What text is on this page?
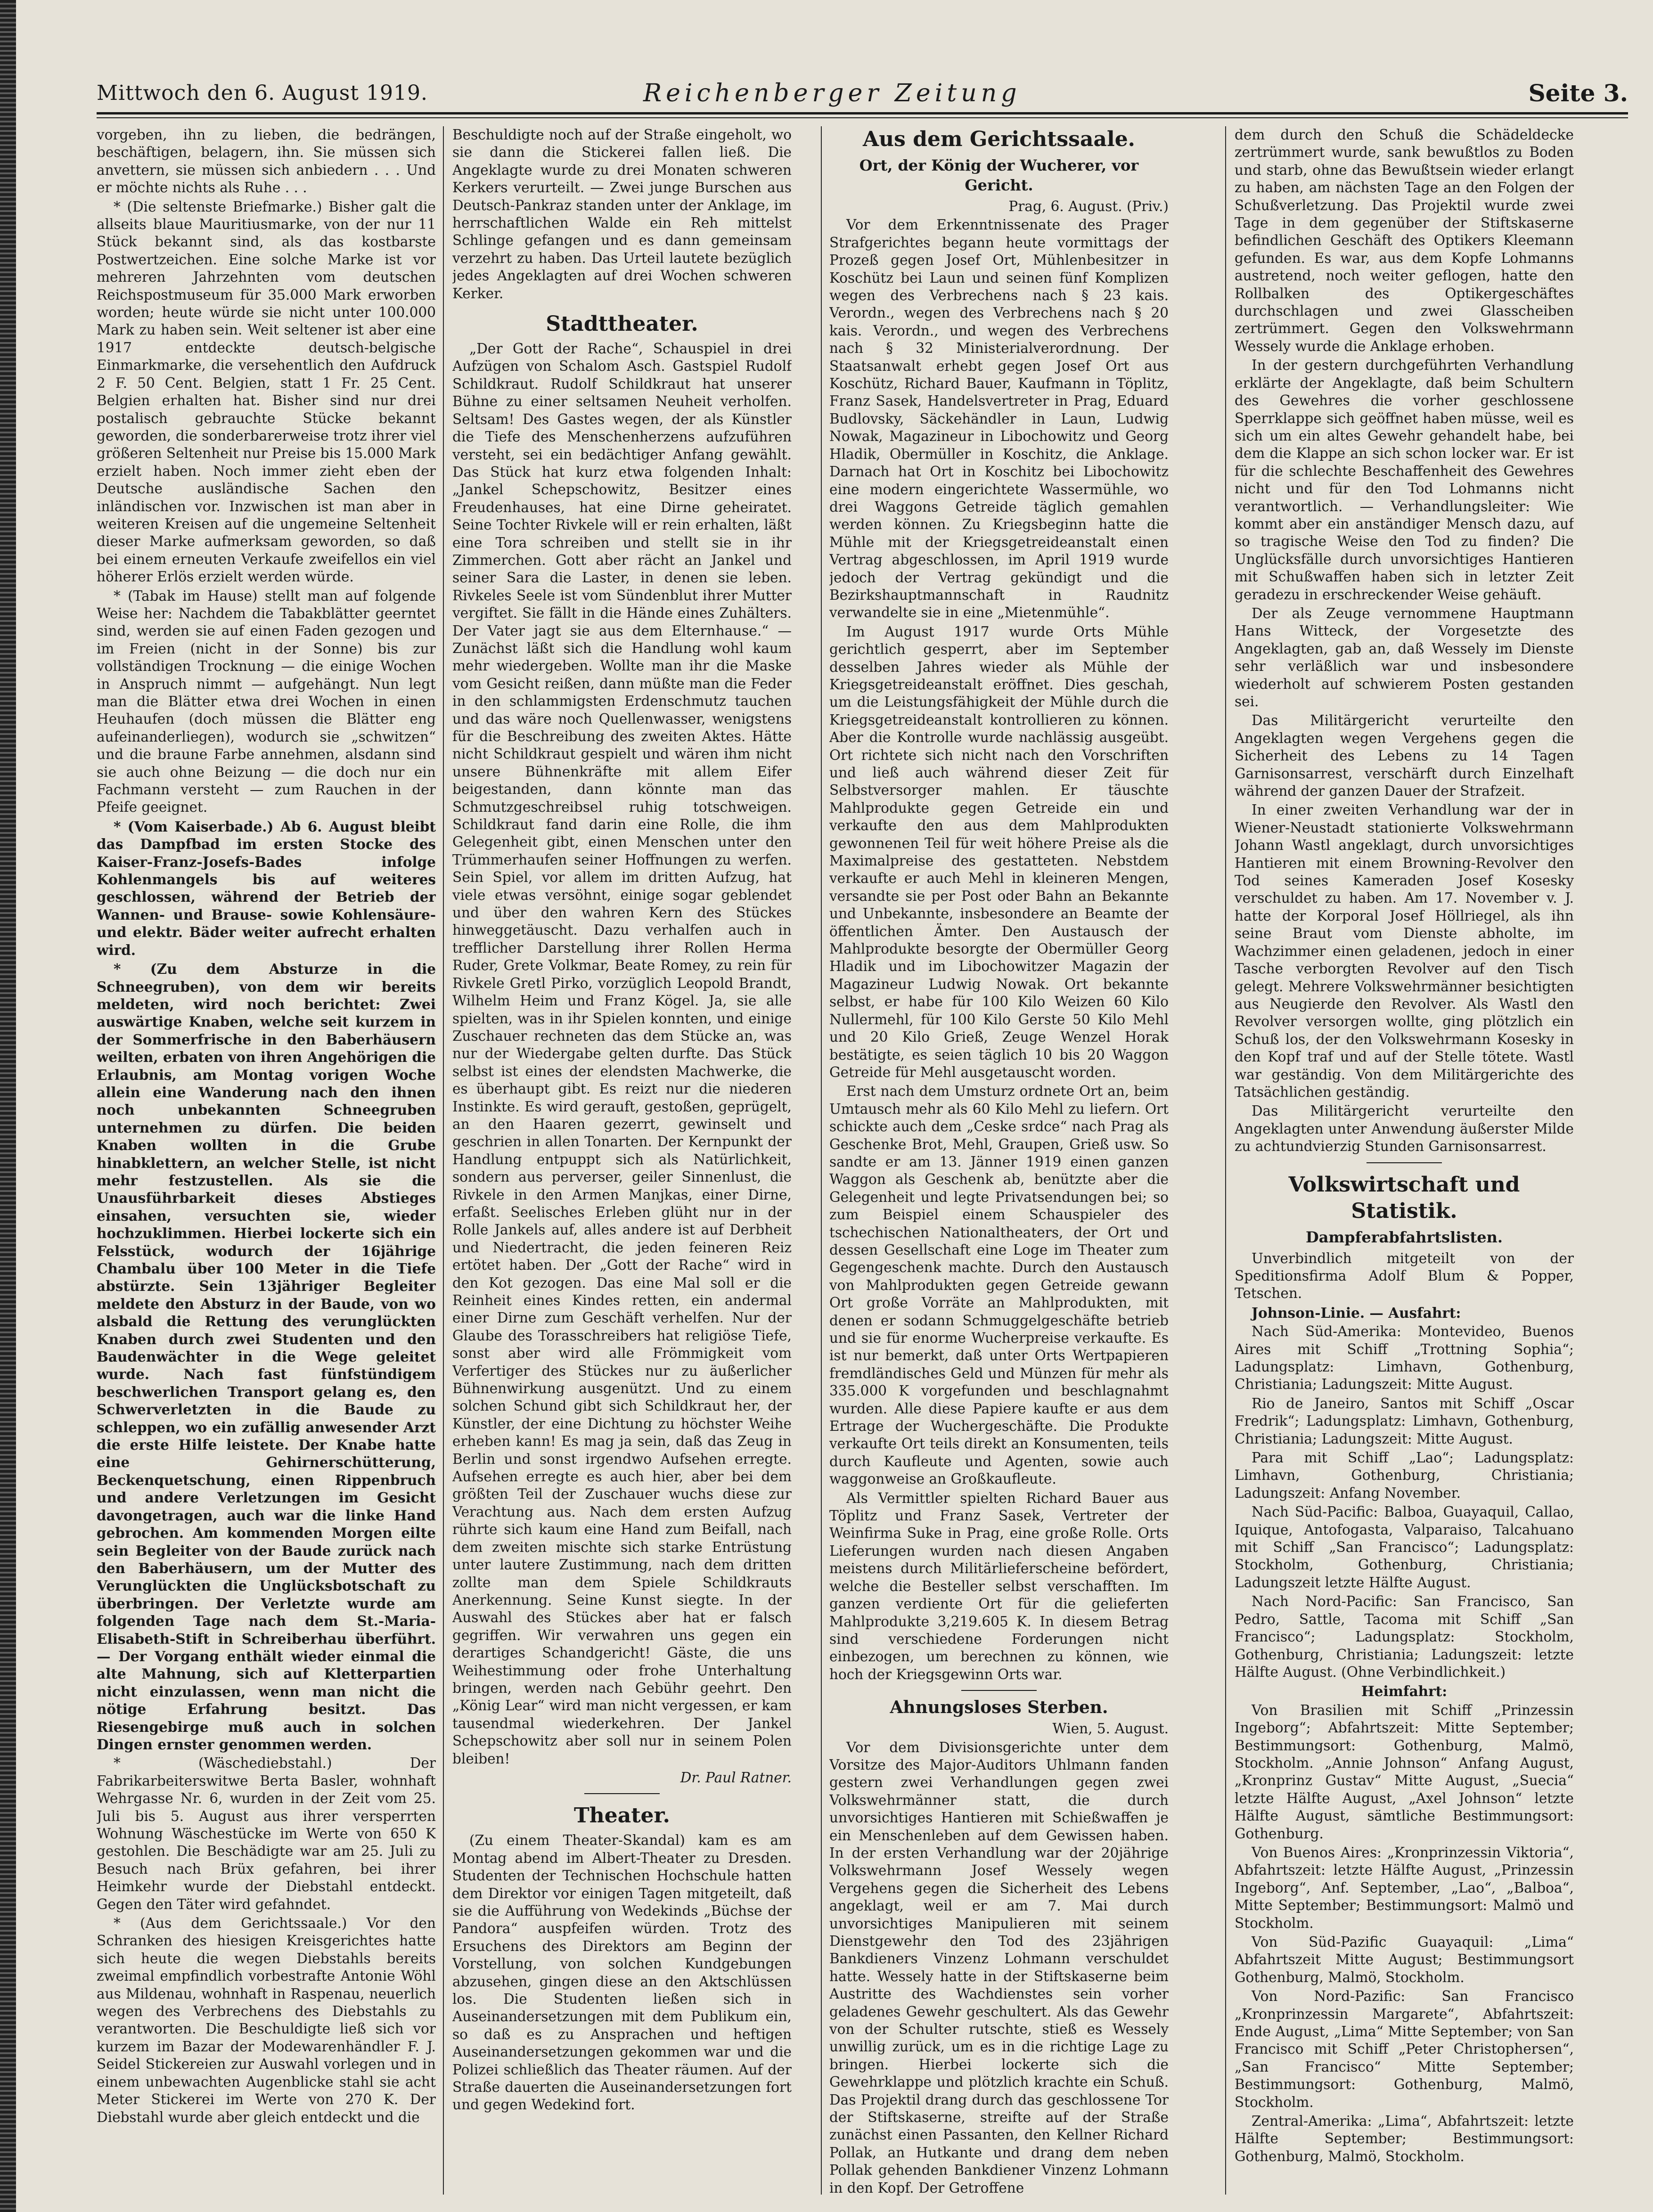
Mittwoch den 6. August 1919.	Reichenberger Zeitung	Seite 3.

vorgeben, ihn zu lieben, die bedrängen, beschäftigen, belagern, ihn. Sie müssen sich anvettern, sie müssen sich anbiedern . . . Und er möchte nichts als Ruhe . . .

* (Die seltenste Briefmarke.) Bisher galt die allseits blaue Mauritiusmarke, von der nur 11 Stück bekannt sind, als das kostbarste Postwertzeichen. Eine solche Marke ist vor mehreren Jahrzehnten vom deutschen Reichspostmuseum für 35.000 Mark erworben worden; heute würde sie nicht unter 100.000 Mark zu haben sein. Weit seltener ist aber eine 1917 entdeckte deutsch-belgische Einmarkmarke, die versehentlich den Aufdruck 2 F. 50 Cent. Belgien, statt 1 Fr. 25 Cent. Belgien erhalten hat. Bisher sind nur drei postalisch gebrauchte Stücke bekannt geworden, die sonderbarerweise trotz ihrer viel größeren Seltenheit nur Preise bis 15.000 Mark erzielt haben. Noch immer zieht eben der Deutsche ausländische Sachen den inländischen vor. Inzwischen ist man aber in weiteren Kreisen auf die ungemeine Seltenheit dieser Marke aufmerksam geworden, so daß bei einem erneuten Verkaufe zweifellos ein viel höherer Erlös erzielt werden würde.

* (Tabak im Hause) stellt man auf folgende Weise her: Nachdem die Tabakblätter geerntet sind, werden sie auf einen Faden gezogen und im Freien (nicht in der Sonne) bis zur vollständigen Trocknung — die einige Wochen in Anspruch nimmt — aufgehängt. Nun legt man die Blätter etwa drei Wochen in einen Heuhaufen (doch müssen die Blätter eng aufeinanderliegen), wodurch sie „schwitzen“ und die braune Farbe annehmen, alsdann sind sie auch ohne Beizung — die doch nur ein Fachmann versteht — zum Rauchen in der Pfeife geeignet.

* (Vom Kaiserbade.) Ab 6. August bleibt das Dampfbad im ersten Stocke des Kaiser-Franz-Josefs-Bades infolge Kohlenmangels bis auf weiteres geschlossen, während der Betrieb der Wannen- und Brause- sowie Kohlensäure- und elektr. Bäder weiter aufrecht erhalten wird.

* (Zu dem Absturze in die Schneegruben), von dem wir bereits meldeten, wird noch berichtet: Zwei auswärtige Knaben, welche seit kurzem in der Sommerfrische in den Baberhäusern weilten, erbaten von ihren Angehörigen die Erlaubnis, am Montag vorigen Woche allein eine Wanderung nach den ihnen noch unbekannten Schneegruben unternehmen zu dürfen. Die beiden Knaben wollten in die Grube hinabklettern, an welcher Stelle, ist nicht mehr festzustellen. Als sie die Unausführbarkeit dieses Abstieges einsahen, versuchten sie, wieder hochzuklimmen. Hierbei lockerte sich ein Felsstück, wodurch der 16jährige Chambalu über 100 Meter in die Tiefe abstürzte. Sein 13jähriger Begleiter meldete den Absturz in der Baude, von wo alsbald die Rettung des verunglückten Knaben durch zwei Studenten und den Baudenwächter in die Wege geleitet wurde. Nach fast fünfstündigem beschwerlichen Transport gelang es, den Schwerverletzten in die Baude zu schleppen, wo ein zufällig anwesender Arzt die erste Hilfe leistete. Der Knabe hatte eine Gehirnerschütterung, Beckenquetschung, einen Rippenbruch und andere Verletzungen im Gesicht davongetragen, auch war die linke Hand gebrochen. Am kommenden Morgen eilte sein Begleiter von der Baude zurück nach den Baberhäusern, um der Mutter des Verunglückten die Unglücksbotschaft zu überbringen. Der Verletzte wurde am folgenden Tage nach dem St.-Maria-Elisabeth-Stift in Schreiberhau überführt. — Der Vorgang enthält wieder einmal die alte Mahnung, sich auf Kletterpartien nicht einzulassen, wenn man nicht die nötige Erfahrung besitzt. Das Riesengebirge muß auch in solchen Dingen ernster genommen werden.

* (Wäschediebstahl.) Der Fabrikarbeiterswitwe Berta Basler, wohnhaft Wehrgasse Nr. 6, wurden in der Zeit vom 25. Juli bis 5. August aus ihrer versperrten Wohnung Wäschestücke im Werte von 650 K gestohlen. Die Beschädigte war am 25. Juli zu Besuch nach Brüx gefahren, bei ihrer Heimkehr wurde der Diebstahl entdeckt. Gegen den Täter wird gefahndet.

* (Aus dem Gerichtssaale.) Vor den Schranken des hiesigen Kreisgerichtes hatte sich heute die wegen Diebstahls bereits zweimal empfindlich vorbestrafte Antonie Wöhl aus Mildenau, wohnhaft in Raspenau, neuerlich wegen des Verbrechens des Diebstahls zu verantworten. Die Beschuldigte ließ sich vor kurzem im Bazar der Modewarenhändler F. J. Seidel Stickereien zur Auswahl vorlegen und in einem unbewachten Augenblicke stahl sie acht Meter Stickerei im Werte von 270 K. Der Diebstahl wurde aber gleich entdeckt und die

Beschuldigte noch auf der Straße eingeholt, wo sie dann die Stickerei fallen ließ. Die Angeklagte wurde zu drei Monaten schweren Kerkers verurteilt. — Zwei junge Burschen aus Deutsch-Pankraz standen unter der Anklage, im herrschaftlichen Walde ein Reh mittelst Schlinge gefangen und es dann gemeinsam verzehrt zu haben. Das Urteil lautete bezüglich jedes Angeklagten auf drei Wochen schweren Kerker.

Stadttheater.

„Der Gott der Rache“, Schauspiel in drei Aufzügen von Schalom Asch. Gastspiel Rudolf Schildkraut. Rudolf Schildkraut hat unserer Bühne zu einer seltsamen Neuheit verholfen. Seltsam! Des Gastes wegen, der als Künstler die Tiefe des Menschenherzens aufzuführen versteht, sei ein bedächtiger Anfang gewählt. Das Stück hat kurz etwa folgenden Inhalt: „Jankel Schepschowitz, Besitzer eines Freudenhauses, hat eine Dirne geheiratet. Seine Tochter Rivkele will er rein erhalten, läßt eine Tora schreiben und stellt sie in ihr Zimmerchen. Gott aber rächt an Jankel und seiner Sara die Laster, in denen sie leben. Rivkeles Seele ist vom Sündenblut ihrer Mutter vergiftet. Sie fällt in die Hände eines Zuhälters. Der Vater jagt sie aus dem Elternhause.“ — Zunächst läßt sich die Handlung wohl kaum mehr wiedergeben. Wollte man ihr die Maske vom Gesicht reißen, dann müßte man die Feder in den schlammigsten Erdenschmutz tauchen und das wäre noch Quellenwasser, wenigstens für die Beschreibung des zweiten Aktes. Hätte nicht Schildkraut gespielt und wären ihm nicht unsere Bühnenkräfte mit allem Eifer beigestanden, dann könnte man das Schmutzgeschreibsel ruhig totschweigen. Schildkraut fand darin eine Rolle, die ihm Gelegenheit gibt, einen Menschen unter den Trümmerhaufen seiner Hoffnungen zu werfen. Sein Spiel, vor allem im dritten Aufzug, hat viele etwas versöhnt, einige sogar geblendet und über den wahren Kern des Stückes hinweggetäuscht. Dazu verhalfen auch in trefflicher Darstellung ihrer Rollen Herma Ruder, Grete Volkmar, Beate Romey, zu rein für Rivkele Gretl Pirko, vorzüglich Leopold Brandt, Wilhelm Heim und Franz Kögel. Ja, sie alle spielten, was in ihr Spielen konnten, und einige Zuschauer rechneten das dem Stücke an, was nur der Wiedergabe gelten durfte. Das Stück selbst ist eines der elendsten Machwerke, die es überhaupt gibt. Es reizt nur die niederen Instinkte. Es wird gerauft, gestoßen, geprügelt, an den Haaren gezerrt, gewinselt und geschrien in allen Tonarten. Der Kernpunkt der Handlung entpuppt sich als Natürlichkeit, sondern aus perverser, geiler Sinnenlust, die Rivkele in den Armen Manjkas, einer Dirne, erfaßt. Seelisches Erleben glüht nur in der Rolle Jankels auf, alles andere ist auf Derbheit und Niedertracht, die jeden feineren Reiz ertötet haben. Der „Gott der Rache“ wird in den Kot gezogen. Das eine Mal soll er die Reinheit eines Kindes retten, ein andermal einer Dirne zum Geschäft verhelfen. Nur der Glaube des Torasschreibers hat religiöse Tiefe, sonst aber wird alle Frömmigkeit vom Verfertiger des Stückes nur zu äußerlicher Bühnenwirkung ausgenützt. Und zu einem solchen Schund gibt sich Schildkraut her, der Künstler, der eine Dichtung zu höchster Weihe erheben kann! Es mag ja sein, daß das Zeug in Berlin und sonst irgendwo Aufsehen erregte. Aufsehen erregte es auch hier, aber bei dem größten Teil der Zuschauer wuchs diese zur Verachtung aus. Nach dem ersten Aufzug rührte sich kaum eine Hand zum Beifall, nach dem zweiten mischte sich starke Entrüstung unter lautere Zustimmung, nach dem dritten zollte man dem Spiele Schildkrauts Anerkennung. Seine Kunst siegte. In der Auswahl des Stückes aber hat er falsch gegriffen. Wir verwahren uns gegen ein derartiges Schandgericht! Gäste, die uns Weihestimmung oder frohe Unterhaltung bringen, werden nach Gebühr geehrt. Den „König Lear“ wird man nicht vergessen, er kam tausendmal wiederkehren. Der Jankel Schepschowitz aber soll nur in seinem Polen bleiben!

Dr. Paul Ratner.
Theater.

(Zu einem Theater-Skandal) kam es am Montag abend im Albert-Theater zu Dresden. Studenten der Technischen Hochschule hatten dem Direktor vor einigen Tagen mitgeteilt, daß sie die Aufführung von Wedekinds „Büchse der Pandora“ auspfeifen würden. Trotz des Ersuchens des Direktors am Beginn der Vorstellung, von solchen Kundgebungen abzusehen, gingen diese an den Aktschlüssen los. Die Studenten ließen sich in Auseinandersetzungen mit dem Publikum ein, so daß es zu Ansprachen und heftigen Auseinandersetzungen gekommen war und die Polizei schließlich das Theater räumen. Auf der Straße dauerten die Auseinandersetzungen fort und gegen Wedekind fort.

Aus dem Gerichtssaale.
Ort, der König der Wucherer, vor Gericht.
Prag, 6. August. (Priv.)

Vor dem Erkenntnissenate des Prager Strafgerichtes begann heute vormittags der Prozeß gegen Josef Ort, Mühlenbesitzer in Koschütz bei Laun und seinen fünf Komplizen wegen des Verbrechens nach § 23 kais. Verordn., wegen des Verbrechens nach § 20 kais. Verordn., und wegen des Verbrechens nach § 32 Ministerialverordnung. Der Staatsanwalt erhebt gegen Josef Ort aus Koschütz, Richard Bauer, Kaufmann in Töplitz, Franz Sasek, Handelsvertreter in Prag, Eduard Budlovsky, Säckehändler in Laun, Ludwig Nowak, Magazineur in Libochowitz und Georg Hladik, Obermüller in Koschitz, die Anklage. Darnach hat Ort in Koschitz bei Libochowitz eine modern eingerichtete Wassermühle, wo drei Waggons Getreide täglich gemahlen werden können. Zu Kriegsbeginn hatte die Mühle mit der Kriegsgetreideanstalt einen Vertrag abgeschlossen, im April 1919 wurde jedoch der Vertrag gekündigt und die Bezirkshauptmannschaft in Raudnitz verwandelte sie in eine „Mietenmühle“.

Im August 1917 wurde Orts Mühle gerichtlich gesperrt, aber im September desselben Jahres wieder als Mühle der Kriegsgetreideanstalt eröffnet. Dies geschah, um die Leistungsfähigkeit der Mühle durch die Kriegsgetreideanstalt kontrollieren zu können. Aber die Kontrolle wurde nachlässig ausgeübt. Ort richtete sich nicht nach den Vorschriften und ließ auch während dieser Zeit für Selbstversorger mahlen. Er täuschte Mahlprodukte gegen Getreide ein und verkaufte den aus dem Mahlprodukten gewonnenen Teil für weit höhere Preise als die Maximalpreise des gestatteten. Nebstdem verkaufte er auch Mehl in kleineren Mengen, versandte sie per Post oder Bahn an Bekannte und Unbekannte, insbesondere an Beamte der öffentlichen Ämter. Den Austausch der Mahlprodukte besorgte der Obermüller Georg Hladik und im Libochowitzer Magazin der Magazineur Ludwig Nowak. Ort bekannte selbst, er habe für 100 Kilo Weizen 60 Kilo Nullermehl, für 100 Kilo Gerste 50 Kilo Mehl und 20 Kilo Grieß, Zeuge Wenzel Horak bestätigte, es seien täglich 10 bis 20 Waggon Getreide für Mehl ausgetauscht worden.

Erst nach dem Umsturz ordnete Ort an, beim Umtausch mehr als 60 Kilo Mehl zu liefern. Ort schickte auch dem „Ceske srdce“ nach Prag als Geschenke Brot, Mehl, Graupen, Grieß usw. So sandte er am 13. Jänner 1919 einen ganzen Waggon als Geschenk ab, benützte aber die Gelegenheit und legte Privatsendungen bei; so zum Beispiel einem Schauspieler des tschechischen Nationaltheaters, der Ort und dessen Gesellschaft eine Loge im Theater zum Gegengeschenk machte. Durch den Austausch von Mahlprodukten gegen Getreide gewann Ort große Vorräte an Mahlprodukten, mit denen er sodann Schmuggelgeschäfte betrieb und sie für enorme Wucherpreise verkaufte. Es ist nur bemerkt, daß unter Orts Wertpapieren fremdländisches Geld und Münzen für mehr als 335.000 K vorgefunden und beschlagnahmt wurden. Alle diese Papiere kaufte er aus dem Ertrage der Wuchergeschäfte. Die Produkte verkaufte Ort teils direkt an Konsumenten, teils durch Kaufleute und Agenten, sowie auch waggonweise an Großkaufleute.

Als Vermittler spielten Richard Bauer aus Töplitz und Franz Sasek, Vertreter der Weinfirma Suke in Prag, eine große Rolle. Orts Lieferungen wurden nach diesen Angaben meistens durch Militärlieferscheine befördert, welche die Besteller selbst verschafften. Im ganzen verdiente Ort für die gelieferten Mahlprodukte 3,219.605 K. In diesem Betrag sind verschiedene Forderungen nicht einbezogen, um berechnen zu können, wie hoch der Kriegsgewinn Orts war.

Ahnungsloses Sterben.
Wien, 5. August.

Vor dem Divisionsgerichte unter dem Vorsitze des Major-Auditors Uhlmann fanden gestern zwei Verhandlungen gegen zwei Volkswehrmänner statt, die durch unvorsichtiges Hantieren mit Schießwaffen je ein Menschenleben auf dem Gewissen haben. In der ersten Verhandlung war der 20jährige Volkswehrmann Josef Wessely wegen Vergehens gegen die Sicherheit des Lebens angeklagt, weil er am 7. Mai durch unvorsichtiges Manipulieren mit seinem Dienstgewehr den Tod des 23jährigen Bankdieners Vinzenz Lohmann verschuldet hatte. Wessely hatte in der Stiftskaserne beim Austritte des Wachdienstes sein vorher geladenes Gewehr geschultert. Als das Gewehr von der Schulter rutschte, stieß es Wessely unwillig zurück, um es in die richtige Lage zu bringen. Hierbei lockerte sich die Gewehrklappe und plötzlich krachte ein Schuß. Das Projektil drang durch das geschlossene Tor der Stiftskaserne, streifte auf der Straße zunächst einen Passanten, den Kellner Richard Pollak, an Hutkante und drang dem neben Pollak gehenden Bankdiener Vinzenz Lohmann in den Kopf. Der Getroffene

dem durch den Schuß die Schädeldecke zertrümmert wurde, sank bewußtlos zu Boden und starb, ohne das Bewußtsein wieder erlangt zu haben, am nächsten Tage an den Folgen der Schußverletzung. Das Projektil wurde zwei Tage in dem gegenüber der Stiftskaserne befindlichen Geschäft des Optikers Kleemann gefunden. Es war, aus dem Kopfe Lohmanns austretend, noch weiter geflogen, hatte den Rollbalken des Optikergeschäftes durchschlagen und zwei Glasscheiben zertrümmert. Gegen den Volkswehrmann Wessely wurde die Anklage erhoben.

In der gestern durchgeführten Verhandlung erklärte der Angeklagte, daß beim Schultern des Gewehres die vorher geschlossene Sperrklappe sich geöffnet haben müsse, weil es sich um ein altes Gewehr gehandelt habe, bei dem die Klappe an sich schon locker war. Er ist für die schlechte Beschaffenheit des Gewehres nicht und für den Tod Lohmanns nicht verantwortlich. — Verhandlungsleiter: Wie kommt aber ein anständiger Mensch dazu, auf so tragische Weise den Tod zu finden? Die Unglücksfälle durch unvorsichtiges Hantieren mit Schußwaffen haben sich in letzter Zeit geradezu in erschreckender Weise gehäuft.

Der als Zeuge vernommene Hauptmann Hans Witteck, der Vorgesetzte des Angeklagten, gab an, daß Wessely im Dienste sehr verläßlich war und insbesondere wiederholt auf schwierem Posten gestanden sei.

Das Militärgericht verurteilte den Angeklagten wegen Vergehens gegen die Sicherheit des Lebens zu 14 Tagen Garnisonsarrest, verschärft durch Einzelhaft während der ganzen Dauer der Strafzeit.

In einer zweiten Verhandlung war der in Wiener-Neustadt stationierte Volkswehrmann Johann Wastl angeklagt, durch unvorsichtiges Hantieren mit einem Browning-Revolver den Tod seines Kameraden Josef Kosesky verschuldet zu haben. Am 17. November v. J. hatte der Korporal Josef Höllriegel, als ihn seine Braut vom Dienste abholte, im Wachzimmer einen geladenen, jedoch in einer Tasche verborgten Revolver auf den Tisch gelegt. Mehrere Volkswehrmänner besichtigten aus Neugierde den Revolver. Als Wastl den Revolver versorgen wollte, ging plötzlich ein Schuß los, der den Volkswehrmann Kosesky in den Kopf traf und auf der Stelle tötete. Wastl war geständig. Von dem Militärgerichte des Tatsächlichen geständig.

Das Militärgericht verurteilte den Angeklagten unter Anwendung äußerster Milde zu achtundvierzig Stunden Garnisonsarrest.

Volkswirtschaft und Statistik.
Dampferabfahrtslisten.

Unverbindlich mitgeteilt von der Speditionsfirma Adolf Blum & Popper, Tetschen.

Johnson-Linie. — Ausfahrt:

Nach Süd-Amerika: Montevideo, Buenos Aires mit Schiff „Trottning Sophia“; Ladungsplatz: Limhavn, Gothenburg, Christiania; Ladungszeit: Mitte August.

Rio de Janeiro, Santos mit Schiff „Oscar Fredrik“; Ladungsplatz: Limhavn, Gothenburg, Christiania; Ladungszeit: Mitte August.

Para mit Schiff „Lao“; Ladungsplatz: Limhavn, Gothenburg, Christiania; Ladungszeit: Anfang November.

Nach Süd-Pacific: Balboa, Guayaquil, Callao, Iquique, Antofogasta, Valparaiso, Talcahuano mit Schiff „San Francisco“; Ladungsplatz: Stockholm, Gothenburg, Christiania; Ladungszeit letzte Hälfte August.

Nach Nord-Pacific: San Francisco, San Pedro, Sattle, Tacoma mit Schiff „San Francisco“; Ladungsplatz: Stockholm, Gothenburg, Christiania; Ladungszeit: letzte Hälfte August. (Ohne Verbindlichkeit.)

Heimfahrt:

Von Brasilien mit Schiff „Prinzessin Ingeborg“; Abfahrtszeit: Mitte September; Bestimmungsort: Gothenburg, Malmö, Stockholm. „Annie Johnson“ Anfang August, „Kronprinz Gustav“ Mitte August, „Suecia“ letzte Hälfte August, „Axel Johnson“ letzte Hälfte August, sämtliche Bestimmungsort: Gothenburg.

Von Buenos Aires: „Kronprinzessin Viktoria“, Abfahrtszeit: letzte Hälfte August, „Prinzessin Ingeborg“, Anf. September, „Lao“, „Balboa“, Mitte September; Bestimmungsort: Malmö und Stockholm.

Von Süd-Pazific Guayaquil: „Lima“ Abfahrtszeit Mitte August; Bestimmungsort Gothenburg, Malmö, Stockholm.

Von Nord-Pazific: San Francisco „Kronprinzessin Margarete“, Abfahrtszeit: Ende August, „Lima“ Mitte September; von San Francisco mit Schiff „Peter Christophersen“, „San Francisco“ Mitte September; Bestimmungsort: Gothenburg, Malmö, Stockholm.

Zentral-Amerika: „Lima“, Abfahrtszeit: letzte Hälfte September; Bestimmungsort: Gothenburg, Malmö, Stockholm.
